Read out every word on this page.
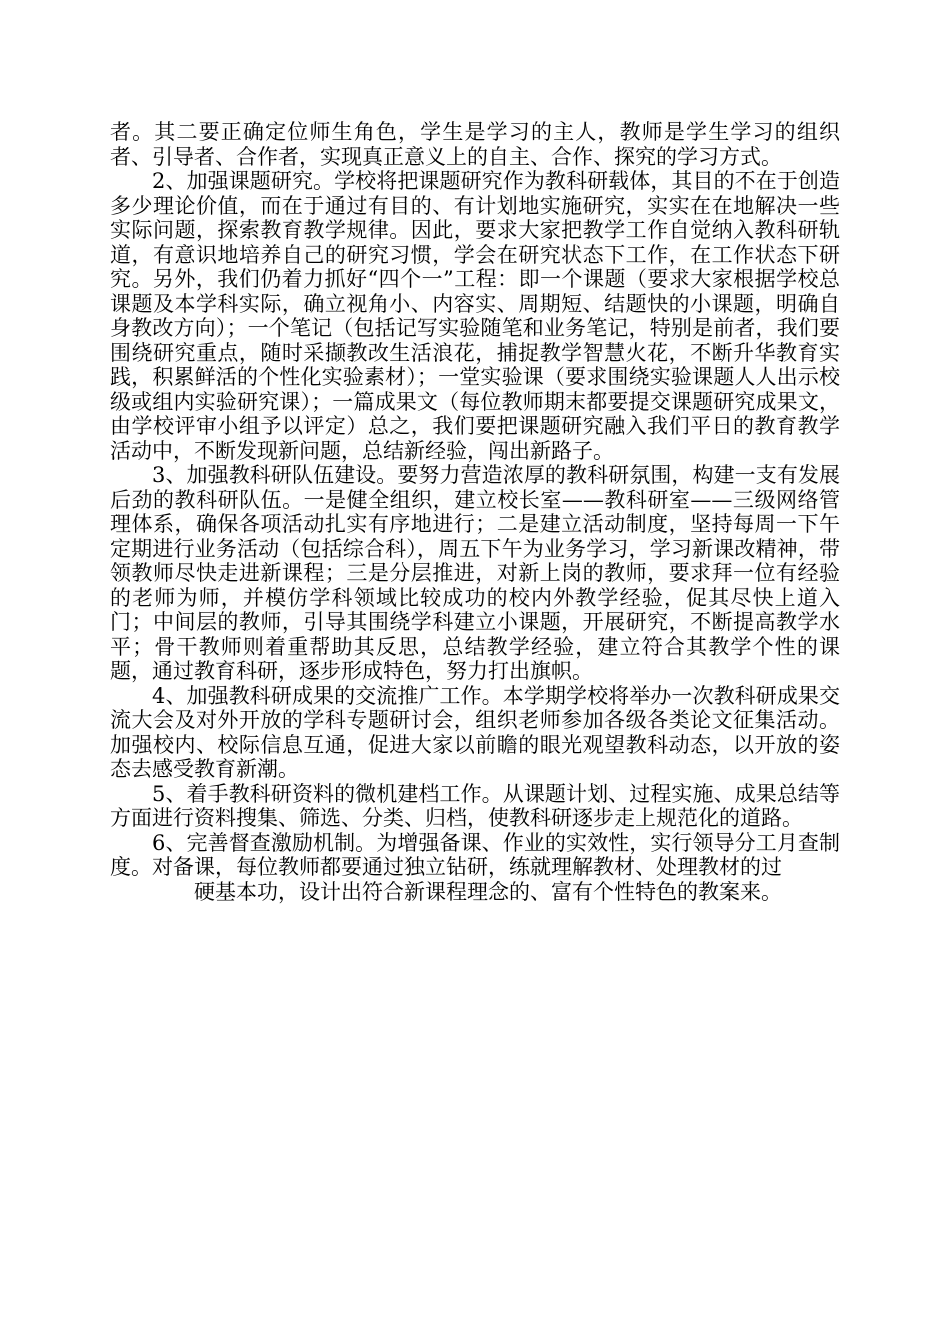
者。其二要正确定位师生角色，学生是学习的主人，教师是学生学习的组织者、引导者、合作者，实现真正意义上的自主、合作、探究的学习方式。

2、加强课题研究。学校将把课题研究作为教科研载体，其目的不在于创造多少理论价值，而在于通过有目的、有计划地实施研究，实实在在地解决一些实际问题，探索教育教学规律。因此，要求大家把教学工作自觉纳入教科研轨道，有意识地培养自己的研究习惯，学会在研究状态下工作，在工作状态下研究。另外，我们仍着力抓好“四个一”工程：即一个课题（要求大家根据学校总课题及本学科实际，确立视角小、内容实、周期短、结题快的小课题，明确自身教改方向）；一个笔记（包括记写实验随笔和业务笔记，特别是前者，我们要围绕研究重点，随时采撷教改生活浪花，捕捉教学智慧火花，不断升华教育实践，积累鲜活的个性化实验素材）；一堂实验课（要求围绕实验课题人人出示校级或组内实验研究课）；一篇成果文（每位教师期末都要提交课题研究成果文，由学校评审小组予以评定）总之，我们要把课题研究融入我们平日的教育教学活动中，不断发现新问题，总结新经验，闯出新路子。

3、加强教科研队伍建设。要努力营造浓厚的教科研氛围，构建一支有发展后劲的教科研队伍。一是健全组织，建立校长室——教科研室——三级网络管理体系，确保各项活动扎实有序地进行；二是建立活动制度，坚持每周一下午定期进行业务活动（包括综合科），周五下午为业务学习，学习新课改精神，带领教师尽快走进新课程；三是分层推进，对新上岗的教师，要求拜一位有经验的老师为师，并模仿学科领域比较成功的校内外教学经验，促其尽快上道入门；中间层的教师，引导其围绕学科建立小课题，开展研究，不断提高教学水平；骨干教师则着重帮助其反思，总结教学经验，建立符合其教学个性的课题，通过教育科研，逐步形成特色，努力打出旗帜。

4、加强教科研成果的交流推广工作。本学期学校将举办一次教科研成果交流大会及对外开放的学科专题研讨会，组织老师参加各级各类论文征集活动。加强校内、校际信息互通，促进大家以前瞻的眼光观望教科动态，以开放的姿态去感受教育新潮。

5、着手教科研资料的微机建档工作。从课题计划、过程实施、成果总结等方面进行资料搜集、筛选、分类、归档，使教科研逐步走上规范化的道路。

6、完善督查激励机制。为增强备课、作业的实效性，实行领导分工月查制度。对备课，每位教师都要通过独立钻研，练就理解教材、处理教材的过

硬基本功，设计出符合新课程理念的、富有个性特色的教案来。
